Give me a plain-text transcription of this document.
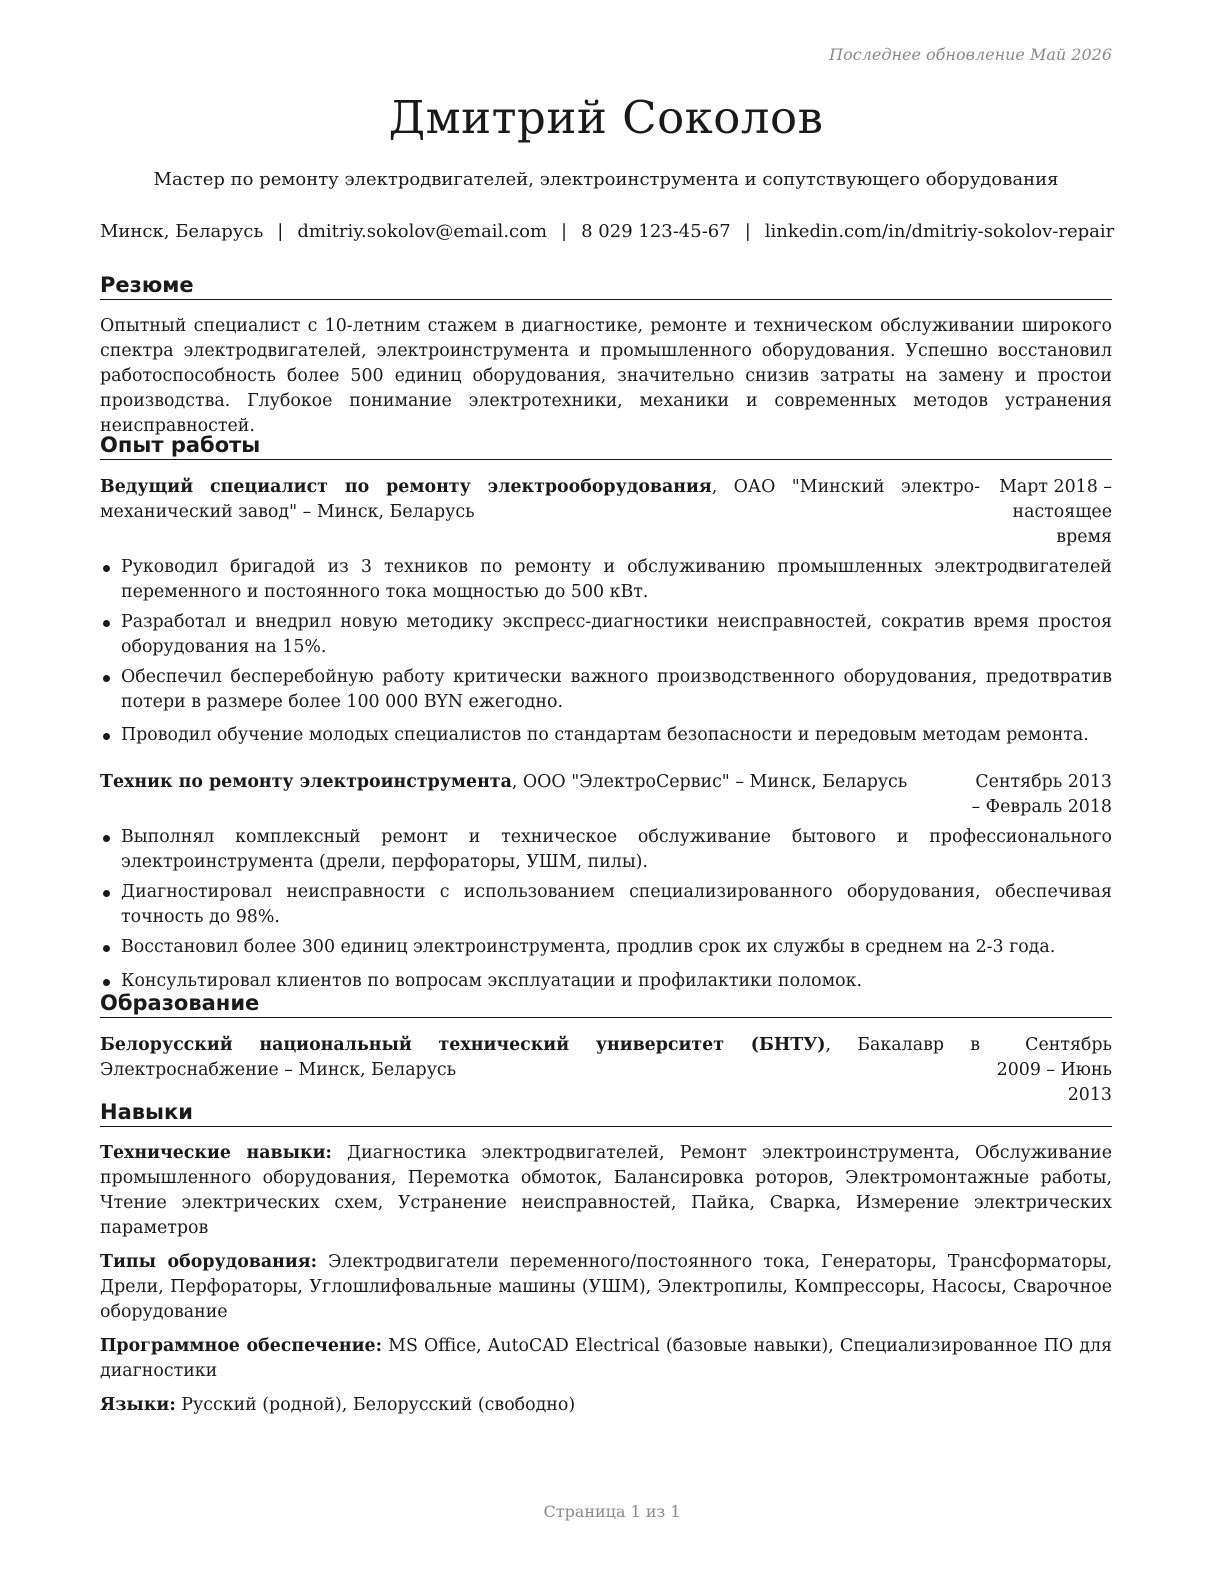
Последнее обновление Май 2026
Дмитрий Соколов
Мастер по ремонту электродвигателей, электроинструмента и сопутствующего оборудования
Минск, Беларусь | dmitriy.sokolov@email.com | 8 029 123-45-67 | linkedin.com/in/dmitriy-sokolov-repair
Резюме

Опытный специалист с 10-летним стажем в диагностике, ремонте и техническом обслуживании широкого спектра электродвигателей, электроинструмента и промышленного оборудования. Успешно восстановил работоспособность более 500 единиц оборудования, значительно снизив затраты на замену и простои производства. Глубокое понимание электротехники, механики и современных методов устранения неисправностей.

Опыт работы
Ведущий специалист по ремонту электрооборудования, ОАО "Минский электро-механический завод" – Минск, Беларусь
Март 2018 – настоящее время
Руководил бригадой из 3 техников по ремонту и обслуживанию промышленных электродвигателей переменного и постоянного тока мощностью до 500 кВт.
Разработал и внедрил новую методику экспресс-диагностики неисправностей, сократив время простоя оборудования на 15%.
Обеспечил бесперебойную работу критически важного производственного оборудования, предотвратив потери в размере более 100 000 BYN ежегодно.
Проводил обучение молодых специалистов по стандартам безопасности и передовым методам ремонта.
Техник по ремонту электроинструмента, ООО "ЭлектроСервис" – Минск, Беларусь	Сентябрь 2013 – Февраль 2018
Выполнял комплексный ремонт и техническое обслуживание бытового и профессионального электроинструмента (дрели, перфораторы, УШМ, пилы).
Диагностировал неисправности с использованием специализированного оборудования, обеспечивая точность до 98%.
Восстановил более 300 единиц электроинструмента, продлив срок их службы в среднем на 2-3 года.
Консультировал клиентов по вопросам эксплуатации и профилактики поломок.
Образование
Белорусский национальный технический университет (БНТУ), Бакалавр в Электроснабжение – Минск, Беларусь
Сентябрь 2009 – Июнь 2013
Навыки
Технические навыки: Диагностика электродвигателей, Ремонт электроинструмента, Обслуживание промышленного оборудования, Перемотка обмоток, Балансировка роторов, Электромонтажные работы, Чтение электрических схем, Устранение неисправностей, Пайка, Сварка, Измерение электрических параметров
Типы оборудования: Электродвигатели переменного/постоянного тока, Генераторы, Трансформаторы, Дрели, Перфораторы, Углошлифовальные машины (УШМ), Электропилы, Компрессоры, Насосы, Сварочное оборудование
Программное обеспечение: MS Office, AutoCAD Electrical (базовые навыки), Специализированное ПО для диагностики
Языки: Русский (родной), Белорусский (свободно)
Страница 1 из 1
